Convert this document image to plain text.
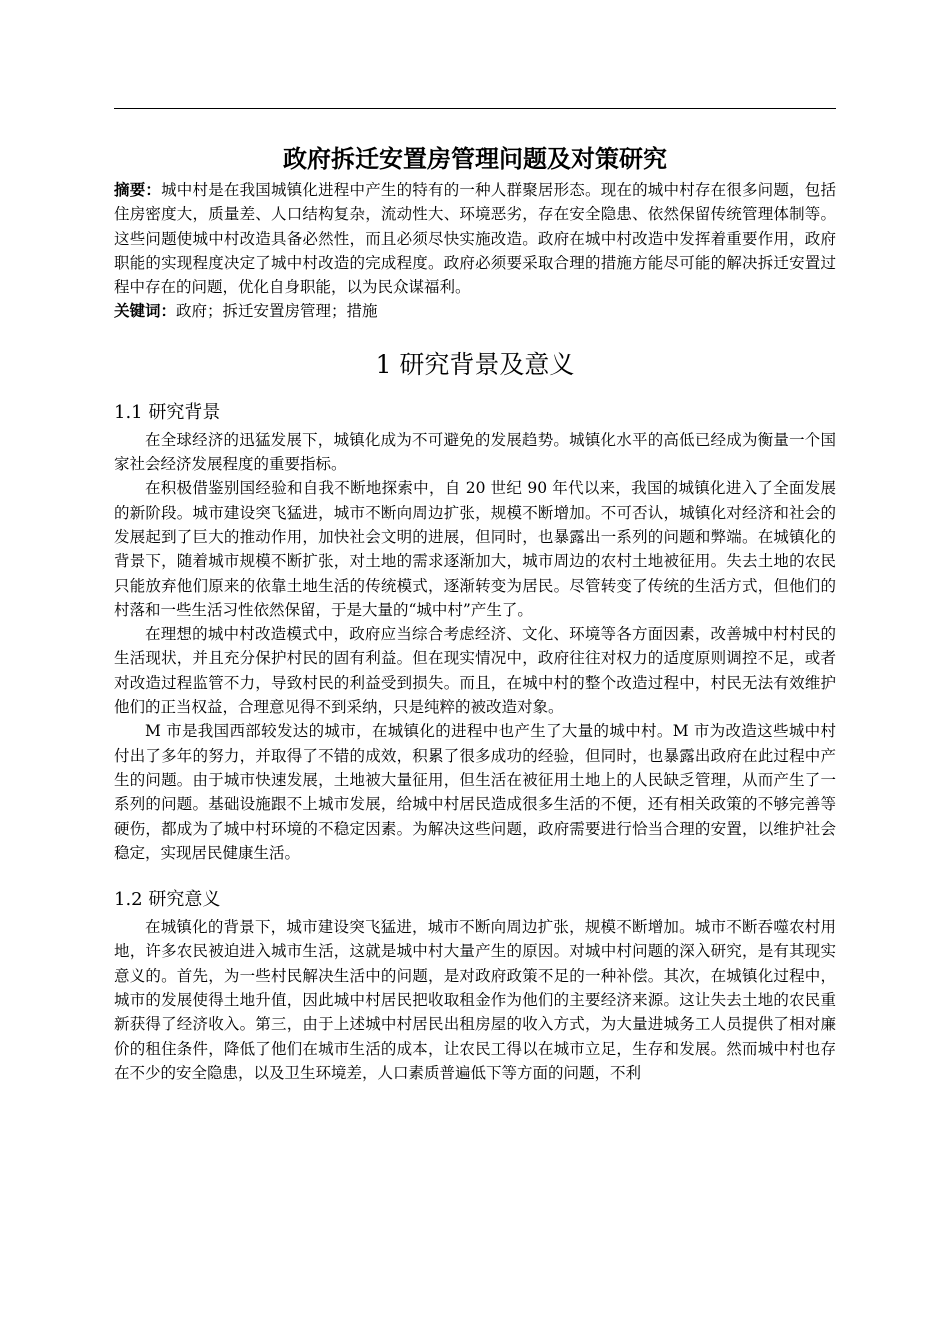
政府拆迁安置房管理问题及对策研究

摘要：城中村是在我国城镇化进程中产生的特有的一种人群聚居形态。现在的城中村存在很多问题，包括住房密度大，质量差、人口结构复杂，流动性大、环境恶劣，存在安全隐患、依然保留传统管理体制等。这些问题使城中村改造具备必然性，而且必须尽快实施改造。政府在城中村改造中发挥着重要作用，政府职能的实现程度决定了城中村改造的完成程度。政府必须要采取合理的措施方能尽可能的解决拆迁安置过程中存在的问题，优化自身职能，以为民众谋福利。

关键词：政府；拆迁安置房管理；措施

1 研究背景及意义
1.1 研究背景

在全球经济的迅猛发展下，城镇化成为不可避免的发展趋势。城镇化水平的高低已经成为衡量一个国家社会经济发展程度的重要指标。

在积极借鉴别国经验和自我不断地探索中，自 20 世纪 90 年代以来，我国的城镇化进入了全面发展的新阶段。城市建设突飞猛进，城市不断向周边扩张，规模不断增加。不可否认，城镇化对经济和社会的发展起到了巨大的推动作用，加快社会文明的进展，但同时，也暴露出一系列的问题和弊端。在城镇化的背景下，随着城市规模不断扩张，对土地的需求逐渐加大，城市周边的农村土地被征用。失去土地的农民只能放弃他们原来的依靠土地生活的传统模式，逐渐转变为居民。尽管转变了传统的生活方式，但他们的村落和一些生活习性依然保留，于是大量的“城中村”产生了。

在理想的城中村改造模式中，政府应当综合考虑经济、文化、环境等各方面因素，改善城中村村民的生活现状，并且充分保护村民的固有利益。但在现实情况中，政府往往对权力的适度原则调控不足，或者对改造过程监管不力，导致村民的利益受到损失。而且，在城中村的整个改造过程中，村民无法有效维护他们的正当权益，合理意见得不到采纳，只是纯粹的被改造对象。

M 市是我国西部较发达的城市，在城镇化的进程中也产生了大量的城中村。M 市为改造这些城中村付出了多年的努力，并取得了不错的成效，积累了很多成功的经验，但同时，也暴露出政府在此过程中产生的问题。由于城市快速发展，土地被大量征用，但生活在被征用土地上的人民缺乏管理，从而产生了一系列的问题。基础设施跟不上城市发展，给城中村居民造成很多生活的不便，还有相关政策的不够完善等硬伤，都成为了城中村环境的不稳定因素。为解决这些问题，政府需要进行恰当合理的安置，以维护社会稳定，实现居民健康生活。

1.2 研究意义

在城镇化的背景下，城市建设突飞猛进，城市不断向周边扩张，规模不断增加。城市不断吞噬农村用地，许多农民被迫进入城市生活，这就是城中村大量产生的原因。对城中村问题的深入研究，是有其现实意义的。首先，为一些村民解决生活中的问题，是对政府政策不足的一种补偿。其次，在城镇化过程中，城市的发展使得土地升值，因此城中村居民把收取租金作为他们的主要经济来源。这让失去土地的农民重新获得了经济收入。第三，由于上述城中村居民出租房屋的收入方式，为大量进城务工人员提供了相对廉价的租住条件，降低了他们在城市生活的成本，让农民工得以在城市立足，生存和发展。然而城中村也存在不少的安全隐患，以及卫生环境差，人口素质普遍低下等方面的问题，不利
